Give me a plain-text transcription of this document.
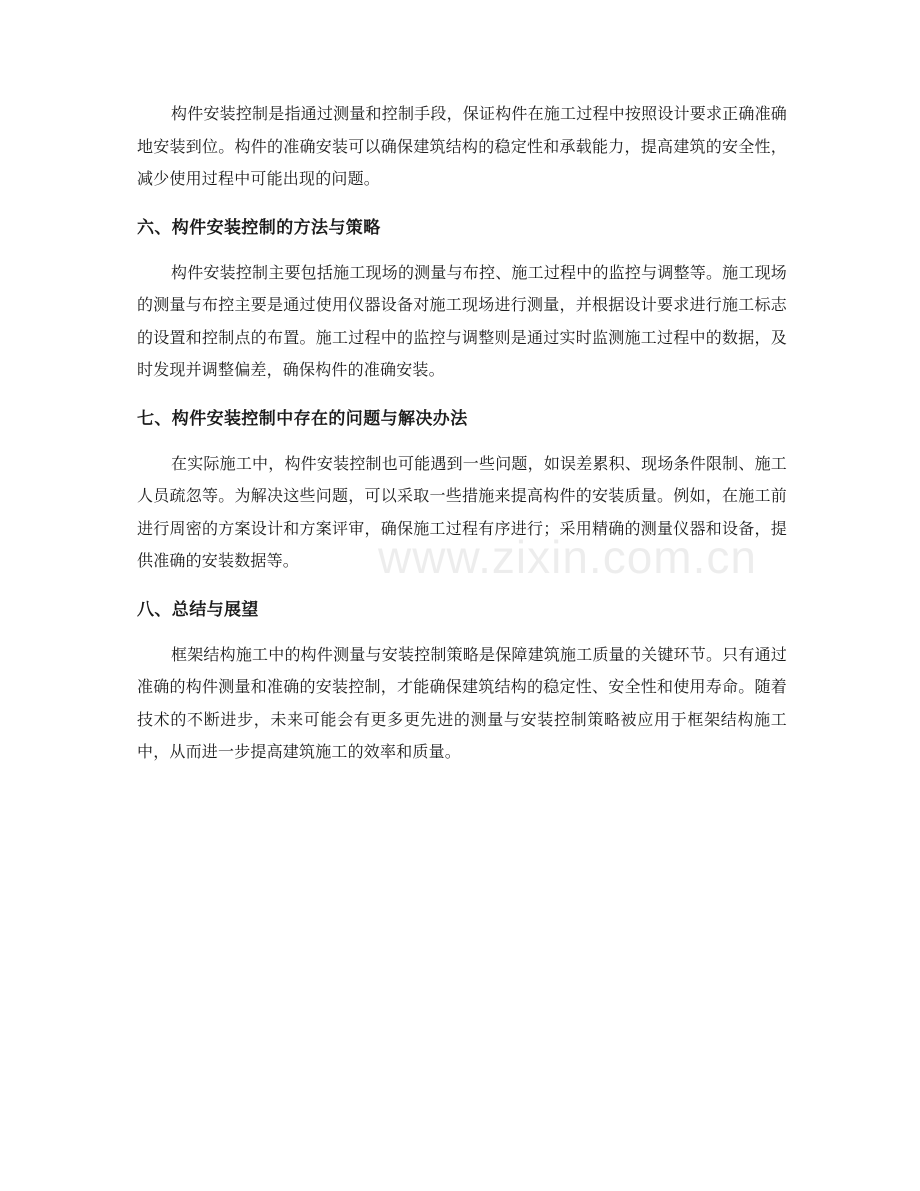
构件安装控制是指通过测量和控制手段，保证构件在施工过程中按照设计要求正确准确地安装到位。构件的准确安装可以确保建筑结构的稳定性和承载能力，提高建筑的安全性，减少使用过程中可能出现的问题。

六、构件安装控制的方法与策略

构件安装控制主要包括施工现场的测量与布控、施工过程中的监控与调整等。施工现场的测量与布控主要是通过使用仪器设备对施工现场进行测量，并根据设计要求进行施工标志的设置和控制点的布置。施工过程中的监控与调整则是通过实时监测施工过程中的数据，及时发现并调整偏差，确保构件的准确安装。

七、构件安装控制中存在的问题与解决办法

在实际施工中，构件安装控制也可能遇到一些问题，如误差累积、现场条件限制、施工人员疏忽等。为解决这些问题，可以采取一些措施来提高构件的安装质量。例如，在施工前进行周密的方案设计和方案评审，确保施工过程有序进行；采用精确的测量仪器和设备，提供准确的安装数据等。

八、总结与展望

框架结构施工中的构件测量与安装控制策略是保障建筑施工质量的关键环节。只有通过准确的构件测量和准确的安装控制，才能确保建筑结构的稳定性、安全性和使用寿命。随着技术的不断进步，未来可能会有更多更先进的测量与安装控制策略被应用于框架结构施工中，从而进一步提高建筑施工的效率和质量。

www.zixin.com.cn
